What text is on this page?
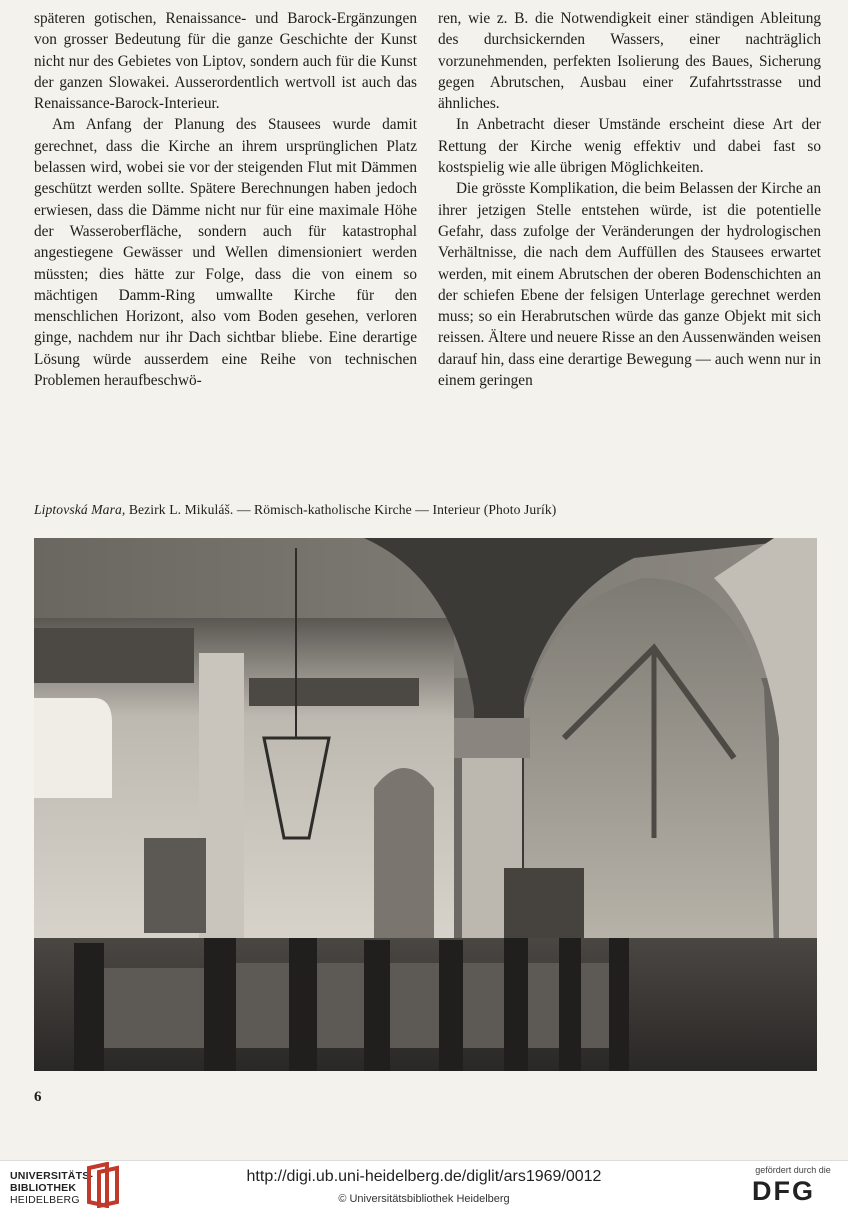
späteren gotischen, Renaissance- und Barock-Ergänzungen von grosser Bedeutung für die ganze Geschichte der Kunst nicht nur des Gebietes von Liptov, sondern auch für die Kunst der ganzen Slowakei. Ausserordentlich wertvoll ist auch das Renaissance-Barock-Interieur.

Am Anfang der Planung des Stausees wurde damit gerechnet, dass die Kirche an ihrem ursprünglichen Platz belassen wird, wobei sie vor der steigenden Flut mit Dämmen geschützt werden sollte. Spätere Berechnungen haben jedoch erwiesen, dass die Dämme nicht nur für eine maximale Höhe der Wasseroberfläche, sondern auch für katastrophal angestiegene Gewässer und Wellen dimensioniert werden müssten; dies hätte zur Folge, dass die von einem so mächtigen Damm-Ring umwallte Kirche für den menschlichen Horizont, also vom Boden gesehen, verloren ginge, nachdem nur ihr Dach sichtbar bliebe. Eine derartige Lösung würde ausserdem eine Reihe von technischen Problemen heraufbeschwö-

ren, wie z. B. die Notwendigkeit einer ständigen Ableitung des durchsickernden Wassers, einer nachträglich vorzunehmenden, perfekten Isolierung des Baues, Sicherung gegen Abrutschen, Ausbau einer Zufahrtsstrasse und ähnliches.

In Anbetracht dieser Umstände erscheint diese Art der Rettung der Kirche wenig effektiv und dabei fast so kostspielig wie alle übrigen Möglichkeiten.

Die grösste Komplikation, die beim Belassen der Kirche an ihrer jetzigen Stelle entstehen würde, ist die potentielle Gefahr, dass zufolge der Veränderungen der hydrologischen Verhältnisse, die nach dem Auffüllen des Stausees erwartet werden, mit einem Abrutschen der oberen Bodenschichten an der schiefen Ebene der felsigen Unterlage gerechnet werden muss; so ein Herabrutschen würde das ganze Objekt mit sich reissen. Ältere und neuere Risse an den Aussenwänden weisen darauf hin, dass eine derartige Bewegung — auch wenn nur in einem geringen

Liptovská Mara, Bezirk L. Mikuláš. — Römisch-katholische Kirche — Interieur (Photo Jurík)
6
UNIVERSITÄTS-
BIBLIOTHEK
HEIDELBERG
http://digi.ub.uni-heidelberg.de/diglit/ars1969/0012
© Universitätsbibliothek Heidelberg
gefördert durch die
DFG
